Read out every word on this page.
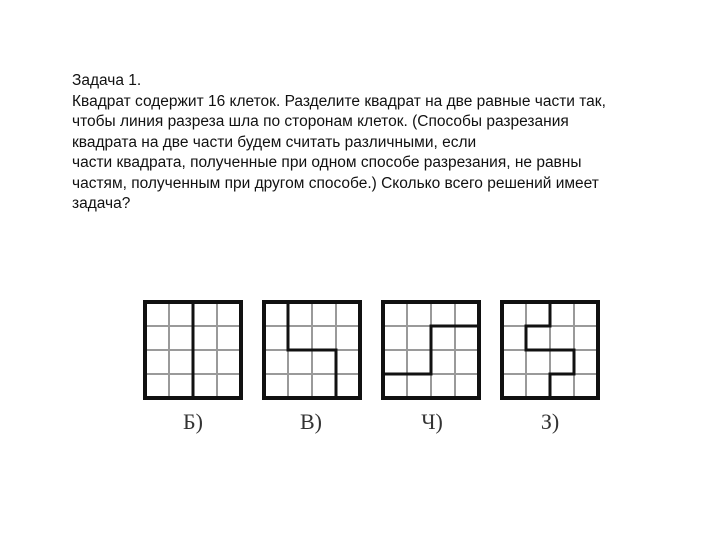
Задача 1.
Квадрат содержит 16 клеток. Разделите квадрат на две равные части так,
чтобы линия разреза шла по сторонам клеток. (Способы разрезания
квадрата на две части будем считать различными, если
части квадрата, полученные при одном способе разрезания, не равны
частям, полученным при другом способе.) Сколько всего решений имеет
задача?
Б)	В)	Ч)	З)
